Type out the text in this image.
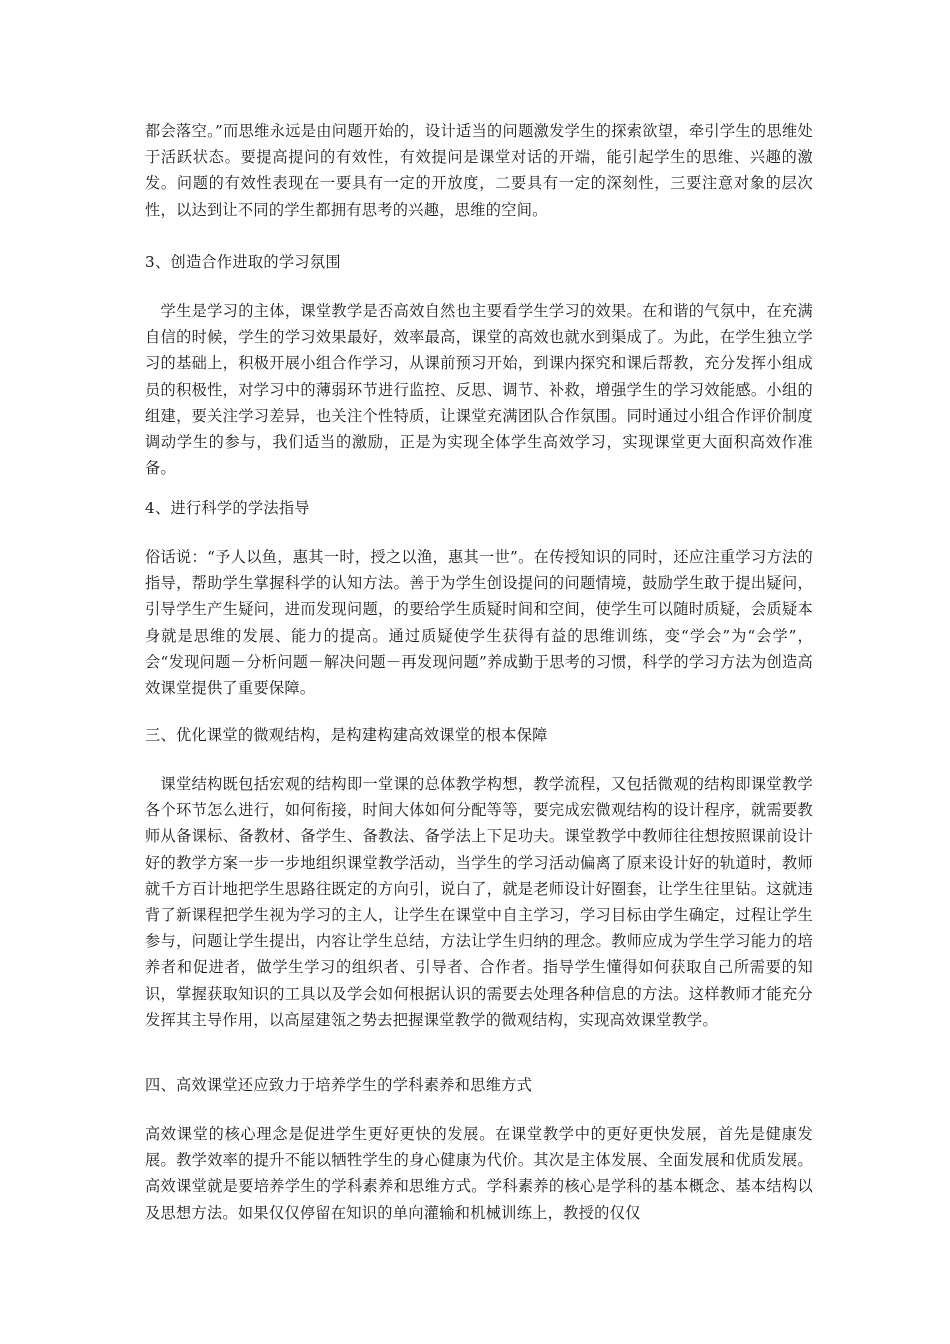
都会落空。”而思维永远是由问题开始的，设计适当的问题激发学生的探索欲望，牵引学生的思维处于活跃状态。要提高提问的有效性，有效提问是课堂对话的开端，能引起学生的思维、兴趣的激发。问题的有效性表现在一要具有一定的开放度，二要具有一定的深刻性，三要注意对象的层次性，以达到让不同的学生都拥有思考的兴趣，思维的空间。

3、创造合作进取的学习氛围

　学生是学习的主体，课堂教学是否高效自然也主要看学生学习的效果。在和谐的气氛中，在充满自信的时候，学生的学习效果最好，效率最高，课堂的高效也就水到渠成了。为此，在学生独立学习的基础上，积极开展小组合作学习，从课前预习开始，到课内探究和课后帮教，充分发挥小组成员的积极性，对学习中的薄弱环节进行监控、反思、调节、补救，增强学生的学习效能感。小组的组建，要关注学习差异，也关注个性特质，让课堂充满团队合作氛围。同时通过小组合作评价制度调动学生的参与，我们适当的激励，正是为实现全体学生高效学习，实现课堂更大面积高效作准备。

4、进行科学的学法指导

俗话说：“予人以鱼，惠其一时，授之以渔，惠其一世”。在传授知识的同时，还应注重学习方法的指导，帮助学生掌握科学的认知方法。善于为学生创设提问的问题情境，鼓励学生敢于提出疑问，引导学生产生疑问，进而发现问题，的要给学生质疑时间和空间，使学生可以随时质疑，会质疑本身就是思维的发展、能力的提高。通过质疑使学生获得有益的思维训练，变“学会”为“会学”，会“发现问题－分析问题－解决问题－再发现问题”养成勤于思考的习惯，科学的学习方法为创造高效课堂提供了重要保障。

三、优化课堂的微观结构，是构建构建高效课堂的根本保障

　课堂结构既包括宏观的结构即一堂课的总体教学构想，教学流程，又包括微观的结构即课堂教学各个环节怎么进行，如何衔接，时间大体如何分配等等，要完成宏微观结构的设计程序，就需要教师从备课标、备教材、备学生、备教法、备学法上下足功夫。课堂教学中教师往往想按照课前设计好的教学方案一步一步地组织课堂教学活动，当学生的学习活动偏离了原来设计好的轨道时，教师就千方百计地把学生思路往既定的方向引，说白了，就是老师设计好圈套，让学生往里钻。这就违背了新课程把学生视为学习的主人，让学生在课堂中自主学习，学习目标由学生确定，过程让学生参与，问题让学生提出，内容让学生总结，方法让学生归纳的理念。教师应成为学生学习能力的培养者和促进者，做学生学习的组织者、引导者、合作者。指导学生懂得如何获取自己所需要的知识，掌握获取知识的工具以及学会如何根据认识的需要去处理各种信息的方法。这样教师才能充分发挥其主导作用，以高屋建瓴之势去把握课堂教学的微观结构，实现高效课堂教学。

四、高效课堂还应致力于培养学生的学科素养和思维方式

高效课堂的核心理念是促进学生更好更快的发展。在课堂教学中的更好更快发展，首先是健康发展。教学效率的提升不能以牺牲学生的身心健康为代价。其次是主体发展、全面发展和优质发展。高效课堂就是要培养学生的学科素养和思维方式。学科素养的核心是学科的基本概念、基本结构以及思想方法。如果仅仅停留在知识的单向灌输和机械训练上，教授的仅仅
